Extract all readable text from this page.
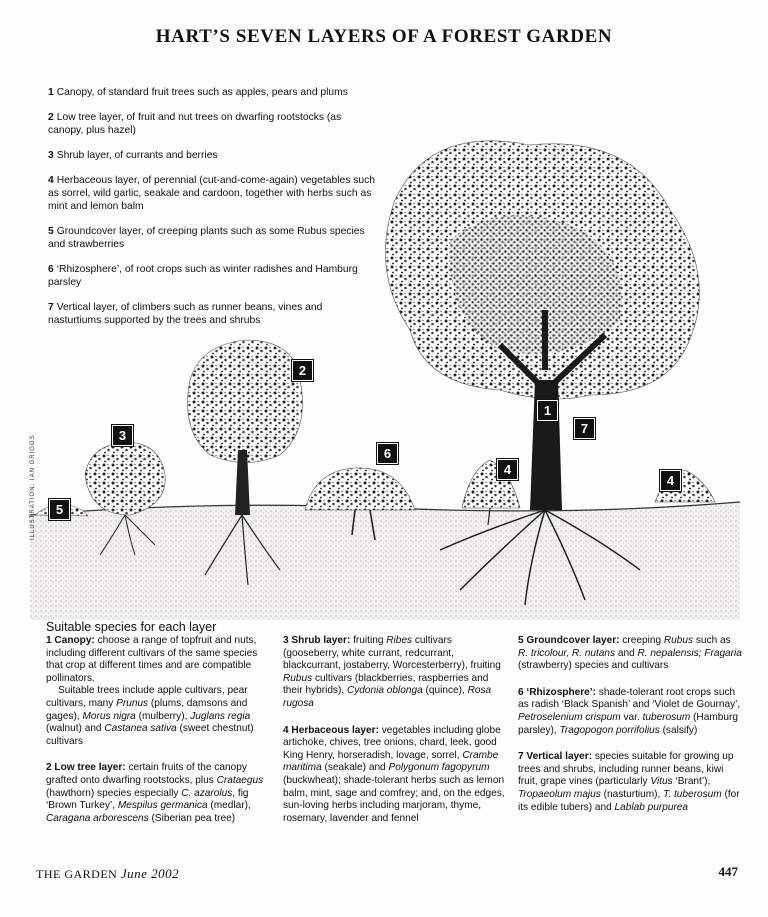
HART’S SEVEN LAYERS OF A FOREST GARDEN
1 Canopy, of standard fruit trees such as apples, pears and plums
2 Low tree layer, of fruit and nut trees on dwarfing rootstocks (as canopy, plus hazel)
3 Shrub layer, of currants and berries
4 Herbaceous layer, of perennial (cut-and-come-again) vegetables such as sorrel, wild garlic, seakale and cardoon, together with herbs such as mint and lemon balm
5 Groundcover layer, of creeping plants such as some Rubus species and strawberries
6 ‘Rhizosphere’, of root crops such as winter radishes and Hamburg parsley
7 Vertical layer, of climbers such as runner beans, vines and nasturtiums supported by the trees and shrubs
1
2
3
4
4
5
6
7
ILLUSTRATION: IAN GRIGGS
Suitable species for each layer

1 Canopy: choose a range of topfruit and nuts, including different cultivars of the same species that crop at different times and are compatible pollinators.
Suitable trees include apple cultivars, pear cultivars, many Prunus (plums, damsons and gages), Morus nigra (mulberry), Juglans regia (walnut) and Castanea sativa (sweet chestnut) cultivars

2 Low tree layer: certain fruits of the canopy grafted onto dwarfing rootstocks, plus Crataegus (hawthorn) species especially C. azarolus, fig ‘Brown Turkey’, Mespilus germanica (medlar), Caragana arborescens (Siberian pea tree)

3 Shrub layer: fruiting Ribes cultivars (gooseberry, white currant, redcurrant, blackcurrant, jostaberry, Worcesterberry), fruiting Rubus cultivars (blackberries, raspberries and their hybrids), Cydonia oblonga (quince), Rosa rugosa

4 Herbaceous layer: vegetables including globe artichoke, chives, tree onions, chard, leek, good King Henry, horseradish, lovage, sorrel, Crambe maritima (seakale) and Polygonum fagopyrum (buckwheat); shade-tolerant herbs such as lemon balm, mint, sage and comfrey; and, on the edges, sun-loving herbs including marjoram, thyme, rosemary, lavender and fennel

5 Groundcover layer: creeping Rubus such as R. tricolour, R. nutans and R. nepalensis; Fragaria (strawberry) species and cultivars

6 ‘Rhizosphere’: shade-tolerant root crops such as radish ‘Black Spanish’ and ‘Violet de Gournay’, Petroselenium crispum var. tuberosum (Hamburg parsley), Tragopogon porrifolius (salsify)

7 Vertical layer: species suitable for growing up trees and shrubs, including runner beans, kiwi fruit, grape vines (particularly Vitus ‘Brant’), Tropaeolum majus (nasturtium), T. tuberosum (for its edible tubers) and Lablab purpurea

THE GARDEN June 2002	447
